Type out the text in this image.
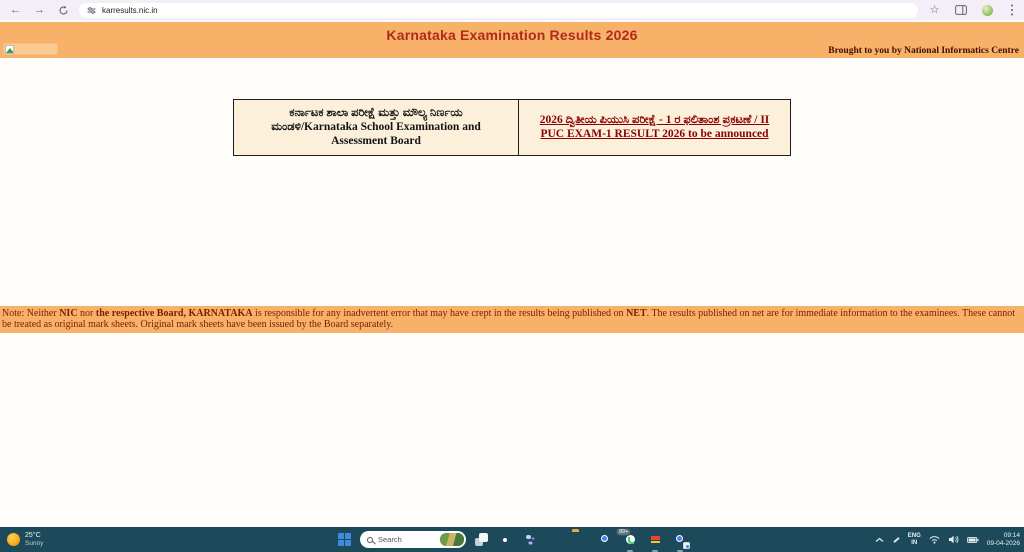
← →	karresults.nic.in	☆
Karnataka Examination Results 2026
Brought to you by National Informatics Centre
ಕರ್ನಾಟಕ ಶಾಲಾ ಪರೀಕ್ಷೆ ಮತ್ತು ಮೌಲ್ಯ ನಿರ್ಣಯ ಮಂಡಳಿ/Karnataka School Examination and Assessment Board	2026 ದ್ವಿತೀಯ ಪಿಯುಸಿ ಪರೀಕ್ಷೆ - 1 ರ ಫಲಿತಾಂಶ ಪ್ರಕಟಣೆ / II PUC EXAM-1 RESULT 2026 to be announced
Note: Neither NIC nor the respective Board, KARNATAKA is responsible for any inadvertent error that may have crept in the results being published on NET. The results published on net are for immediate information to the examinees. These cannot be treated as original mark sheets. Original mark sheets have been issued by the Board separately.
25°C
Sunny	Search
99+
ENG
IN
09:14
09-04-2026
